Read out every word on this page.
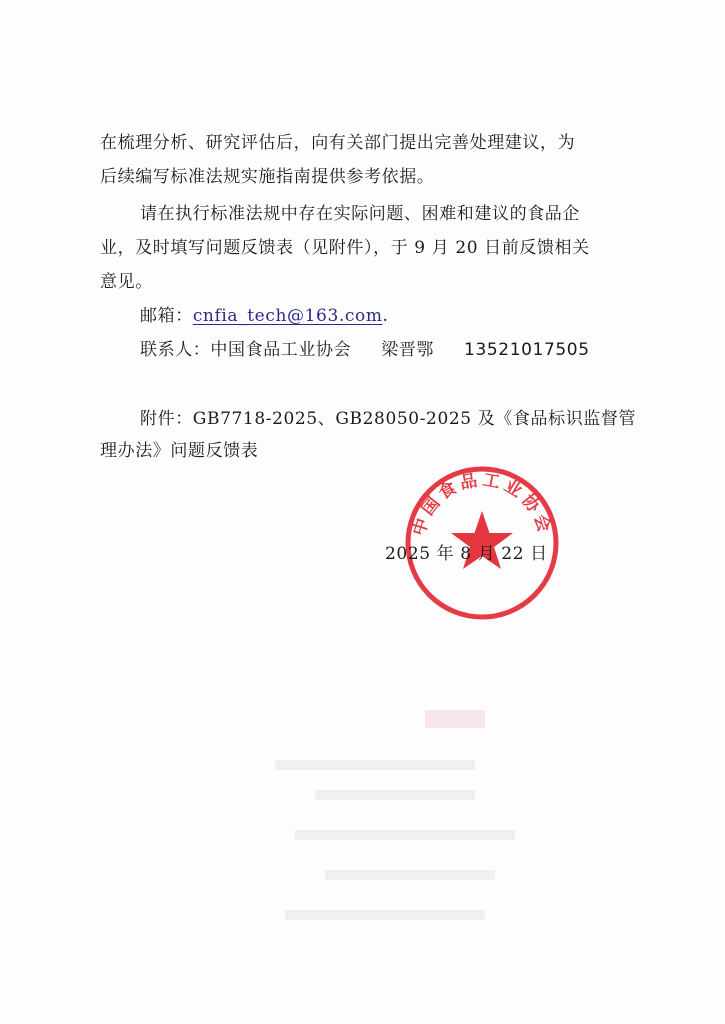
在梳理分析、研究评估后，向有关部门提出完善处理建议，为
后续编写标准法规实施指南提供参考依据。
请在执行标准法规中存在实际问题、困难和建议的食品企
业，及时填写问题反馈表（见附件），于 9 月 20 日前反馈相关
意见。
邮箱：cnfia_tech@163.com.
联系人：中国食品工业协会 梁晋鄂 13521017505
附件：GB7718-2025、GB28050-2025 及《食品标识监督管
理办法》问题反馈表
中国食品工业协会
2025 年 8 月 22 日
